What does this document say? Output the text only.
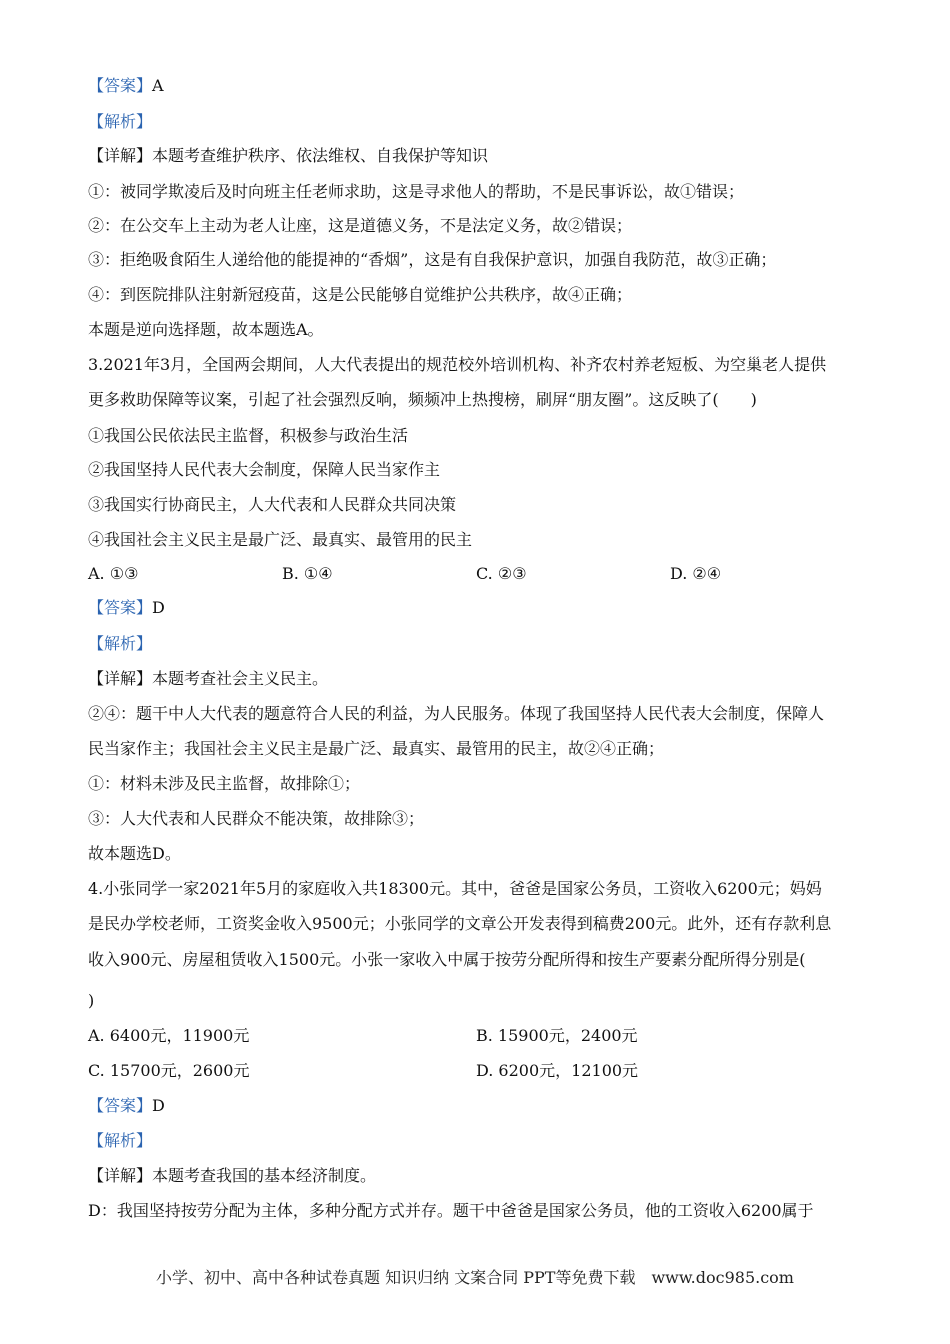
【答案】A
【解析】
【详解】本题考查维护秩序、依法维权、自我保护等知识
①：被同学欺凌后及时向班主任老师求助，这是寻求他人的帮助，不是民事诉讼，故①错误；
②：在公交车上主动为老人让座，这是道德义务，不是法定义务，故②错误；
③：拒绝吸食陌生人递给他的能提神的“香烟”，这是有自我保护意识，加强自我防范，故③正确；
④：到医院排队注射新冠疫苗，这是公民能够自觉维护公共秩序，故④正确；
本题是逆向选择题，故本题选A。
3.2021年3月，全国两会期间，人大代表提出的规范校外培训机构、补齐农村养老短板、为空巢老人提供
更多救助保障等议案，引起了社会强烈反响，频频冲上热搜榜，刷屏“朋友圈”。这反映了(　　)
①我国公民依法民主监督，积极参与政治生活
②我国坚持人民代表大会制度，保障人民当家作主
③我国实行协商民主，人大代表和人民群众共同决策
④我国社会主义民主是最广泛、最真实、最管用的民主
A. ①③	B. ①④	C. ②③	D. ②④
【答案】D
【解析】
【详解】本题考查社会主义民主。
②④：题干中人大代表的题意符合人民的利益，为人民服务。体现了我国坚持人民代表大会制度，保障人
民当家作主；我国社会主义民主是最广泛、最真实、最管用的民主，故②④正确；
①：材料未涉及民主监督，故排除①；
③：人大代表和人民群众不能决策，故排除③；
故本题选D。
4.小张同学一家2021年5月的家庭收入共18300元。其中，爸爸是国家公务员，工资收入6200元；妈妈
是民办学校老师，工资奖金收入9500元；小张同学的文章公开发表得到稿费200元。此外，还有存款利息
收入900元、房屋租赁收入1500元。小张一家收入中属于按劳分配所得和按生产要素分配所得分别是(
)
A. 6400元，11900元	B. 15900元，2400元
C. 15700元，2600元	D. 6200元，12100元
【答案】D
【解析】
【详解】本题考查我国的基本经济制度。
D：我国坚持按劳分配为主体，多种分配方式并存。题干中爸爸是国家公务员，他的工资收入6200属于
小学、初中、高中各种试卷真题 知识归纳 文案合同 PPT等免费下载　www.doc985.com
